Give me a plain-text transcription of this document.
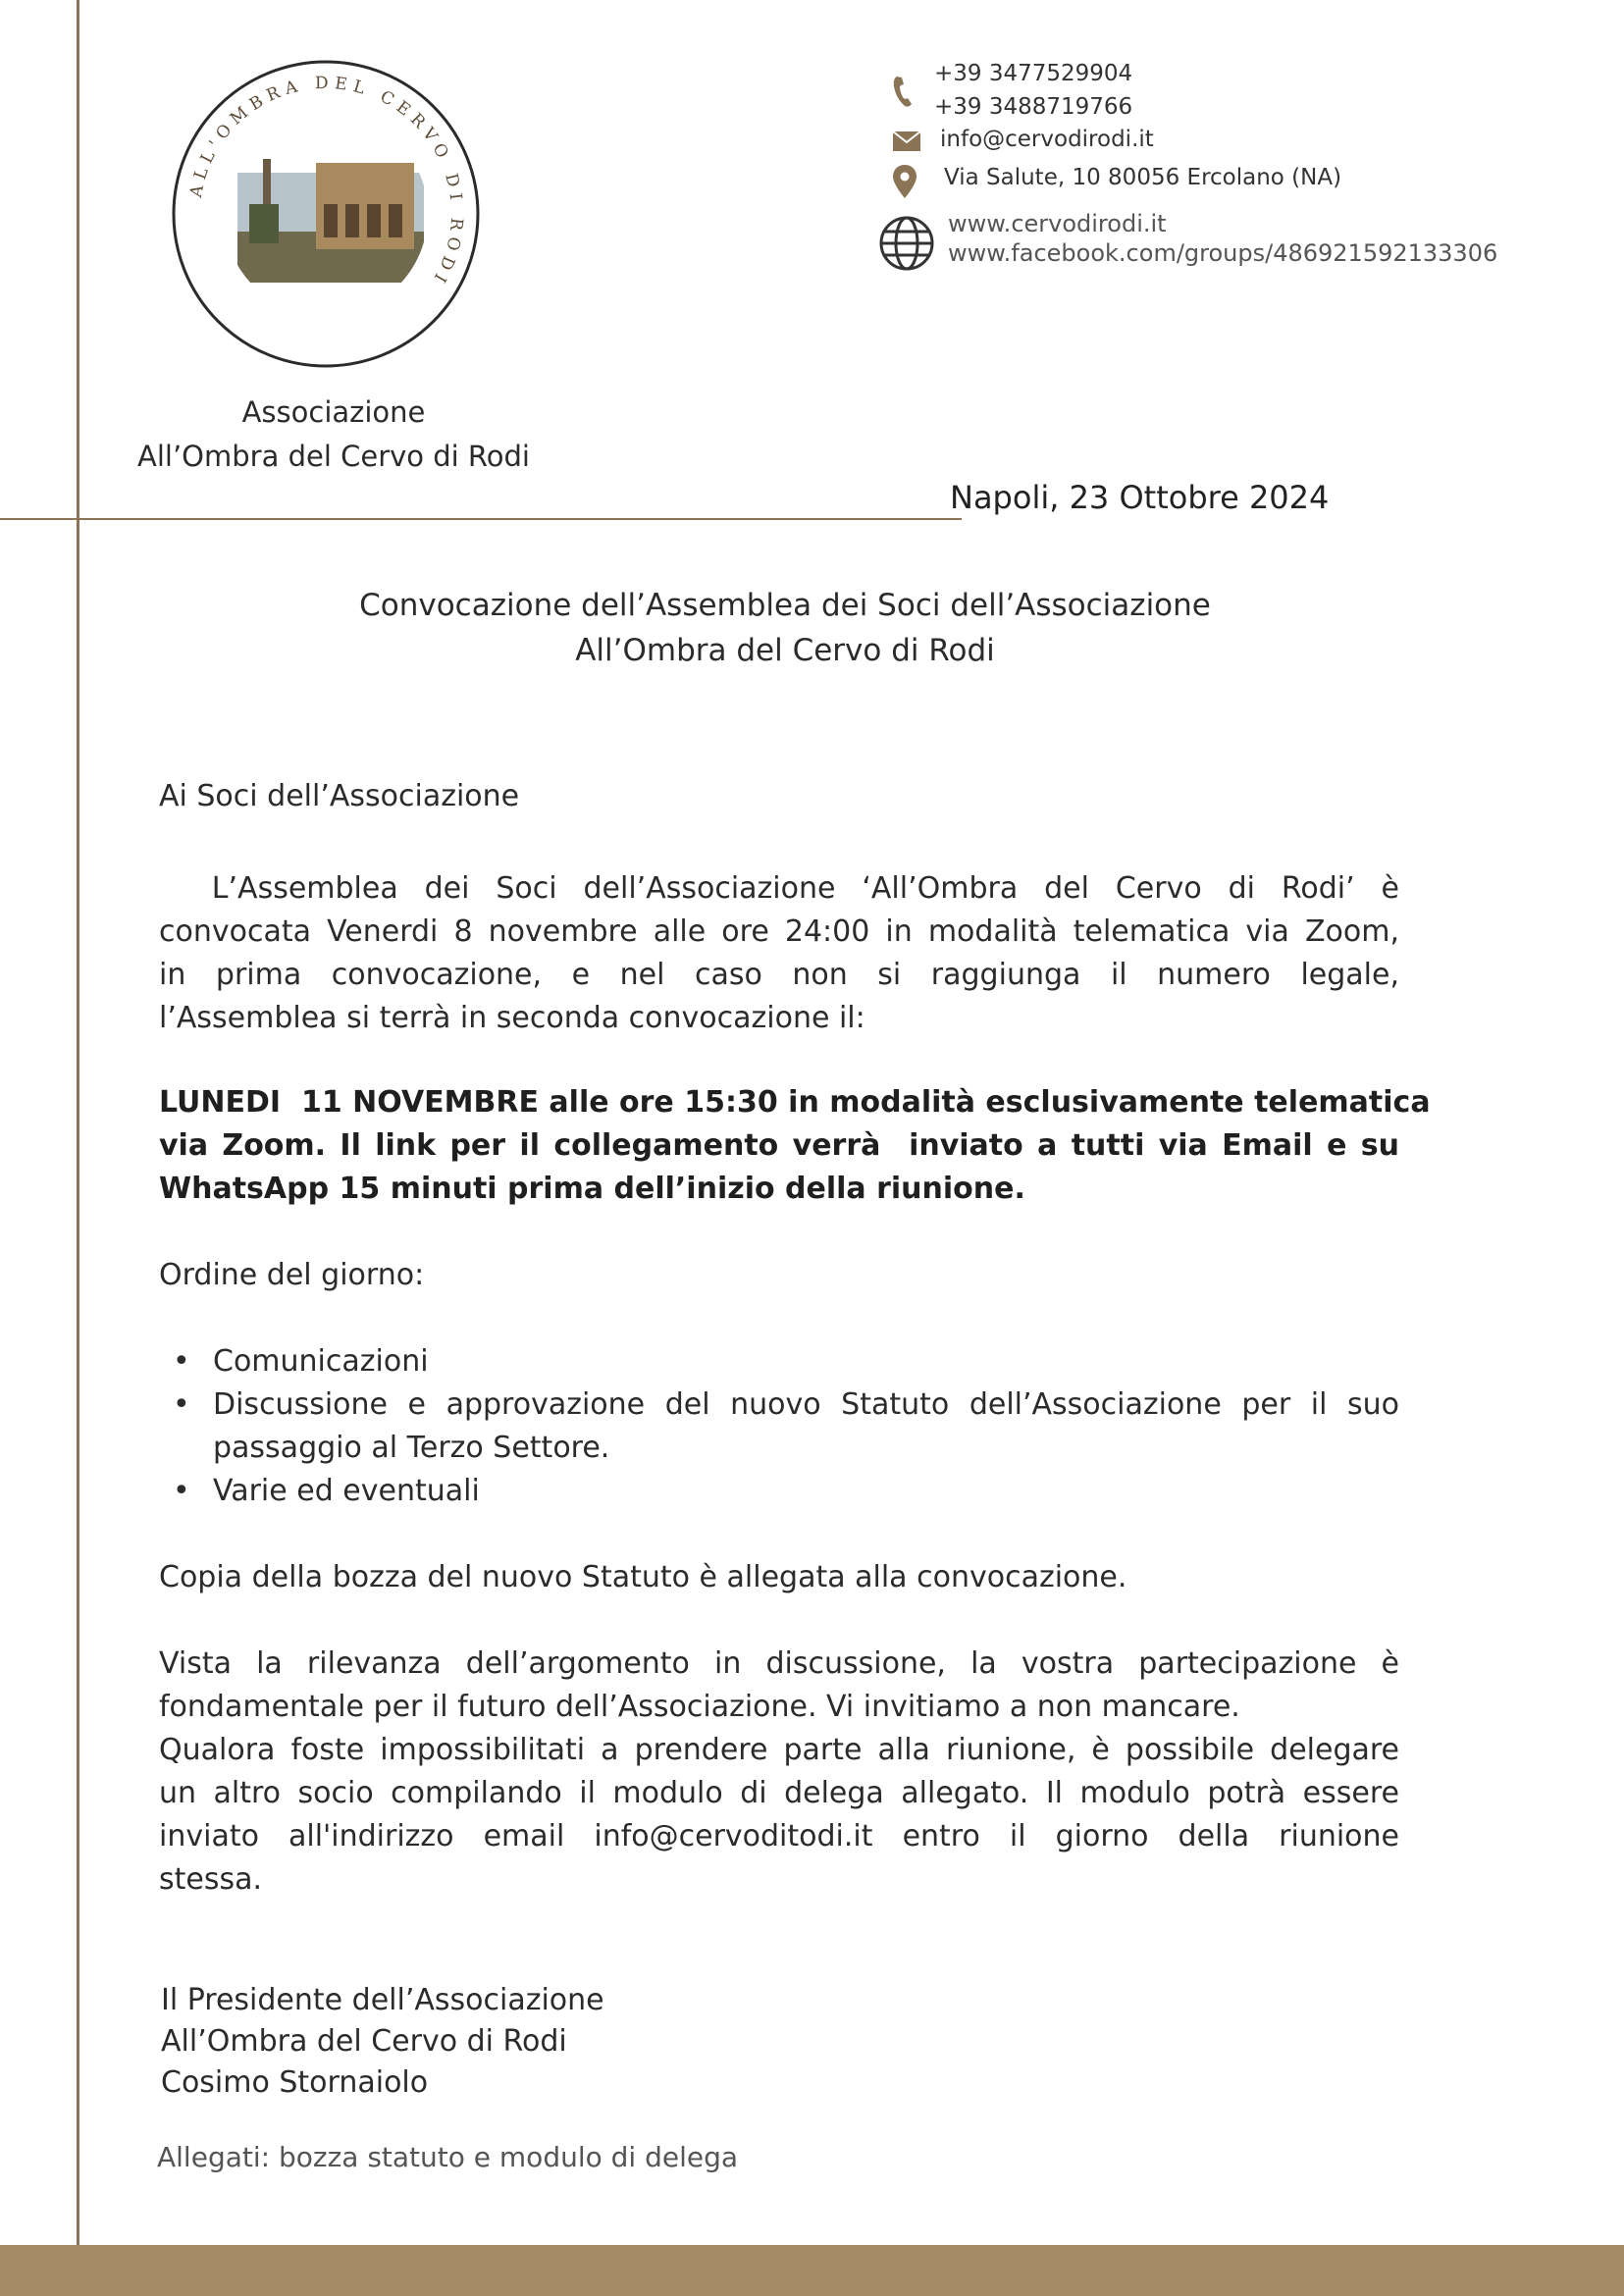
ALL'OMBRA DEL CERVO DI RODI
Associazione
All’Ombra del Cervo di Rodi
+39 3477529904
+39 3488719766
info@cervodirodi.it
Via Salute, 10 80056 Ercolano (NA)
www.cervodirodi.it
www.facebook.com/groups/486921592133306
Napoli, 23 Ottobre 2024
Convocazione dell’Assemblea dei Soci dell’Associazione
All’Ombra del Cervo di Rodi
Ai Soci dell’Associazione
L’Assemblea dei Soci dell’Associazione ‘All’Ombra del Cervo di Rodi’ è
convocata Venerdi 8 novembre alle ore 24:00 in modalità telematica via Zoom,
in prima convocazione, e nel caso non si raggiunga il numero legale,
l’Assemblea si terrà in seconda convocazione il:
LUNEDI  11 NOVEMBRE alle ore 15:30 in modalità esclusivamente telematica
via Zoom. Il link per il collegamento verrà  inviato a tutti via Email e su
WhatsApp 15 minuti prima dell’inizio della riunione.
Ordine del giorno:
• Comunicazioni
• Discussione e approvazione del nuovo Statuto dell’Associazione per il suo passaggio al Terzo Settore.
• Varie ed eventuali
Copia della bozza del nuovo Statuto è allegata alla convocazione.
Vista la rilevanza dell’argomento in discussione, la vostra partecipazione è
fondamentale per il futuro dell’Associazione. Vi invitiamo a non mancare.
Qualora foste impossibilitati a prendere parte alla riunione, è possibile delegare
un altro socio compilando il modulo di delega allegato. Il modulo potrà essere
inviato all'indirizzo email info@cervoditodi.it entro il giorno della riunione
stessa.
Il Presidente dell’Associazione
All’Ombra del Cervo di Rodi
Cosimo Stornaiolo
Allegati: bozza statuto e modulo di delega
